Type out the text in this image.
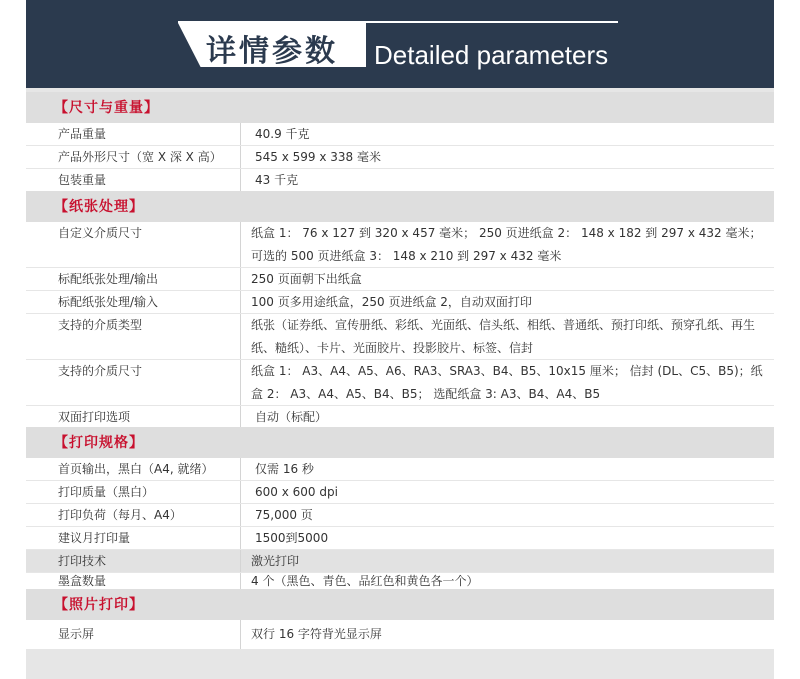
详情参数 Detailed parameters
【尺寸与重量】
产品重量	40.9 千克
产品外形尺寸（宽 X 深 X 高）	545 x 599 x 338 毫米
包装重量	43 千克
【纸张处理】
自定义介质尺寸	纸盒 1： 76 x 127 到 320 x 457 毫米； 250 页进纸盒 2： 148 x 182 到 297 x 432 毫米； 可选的 500 页进纸盒 3： 148 x 210 到 297 x 432 毫米
标配纸张处理/输出	250 页面朝下出纸盒
标配纸张处理/输入	100 页多用途纸盒，250 页进纸盒 2，自动双面打印
支持的介质类型	纸张（证券纸、宣传册纸、彩纸、光面纸、信头纸、相纸、普通纸、预打印纸、预穿孔纸、再生纸、糙纸）、卡片、光面胶片、投影胶片、标签、信封
支持的介质尺寸	纸盒 1： A3、A4、A5、A6、RA3、SRA3、B4、B5、10x15 厘米； 信封 (DL、C5、B5)；纸盒 2： A3、A4、A5、B4、B5； 选配纸盒 3: A3、B4、A4、B5
双面打印选项	自动（标配）
【打印规格】
首页输出，黑白（A4, 就绪）	仅需 16 秒
打印质量（黑白）	600 x 600 dpi
打印负荷（每月、A4）	75,000 页
建议月打印量	1500到5000
打印技术	激光打印
墨盒数量	4 个（黑色、青色、品红色和黄色各一个）
【照片打印】
显示屏	双行 16 字符背光显示屏
